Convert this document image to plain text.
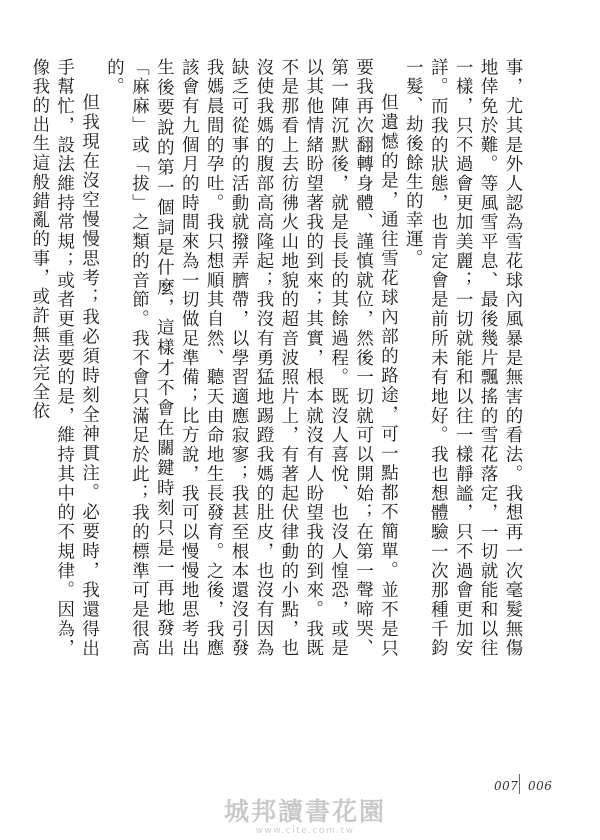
事，尤其是外人認為雪花球內風暴是無害的看法。我想再一次毫髮無傷地倖免於難。等風雪平息、最後幾片飄搖的雪花落定，一切就能和以往一樣，只不過會更加美麗；一切就能和以往一樣靜謐，只不過會更加安詳。而我的狀態，也肯定會是前所未有地好。我也想體驗一次那種千鈞一髮、劫後餘生的幸運。

但遺憾的是，通往雪花球內部的路途，可一點都不簡單。並不是只要我再次翻轉身體、謹慎就位，然後一切就可以開始；在第一聲啼哭、第一陣沉默後，就是長長的其餘過程。既沒人喜悅、也沒人惶恐，或是以其他情緒盼望著我的到來；其實，根本就沒有人盼望我的到來。我既不是那看上去彷彿火山地貌的超音波照片上，有著起伏律動的小點，也沒使我媽的腹部高高隆起；我沒有勇猛地踢蹬我媽的肚皮，也沒有因為缺乏可從事的活動就撥弄臍帶，以學習適應寂寥；我甚至根本還沒引發我媽晨間的孕吐。我只想順其自然、聽天由命地生長發育。之後，我應該會有九個月的時間來為一切做足準備；比方說，我可以慢慢地思考出生後要說的第一個詞是什麼，這樣才不會在關鍵時刻只是一再地發出「麻麻」或「拔」之類的音節。我不會只滿足於此；我的標準可是很高的。

但我現在沒空慢慢思考；我必須時刻全神貫注。必要時，我還得出手幫忙，設法維持常規；或者更重要的是，維持其中的不規律。因為，像我的出生這般錯亂的事，或許無法完全依

007 006
城邦讀書花園
www.cite.com.tw
